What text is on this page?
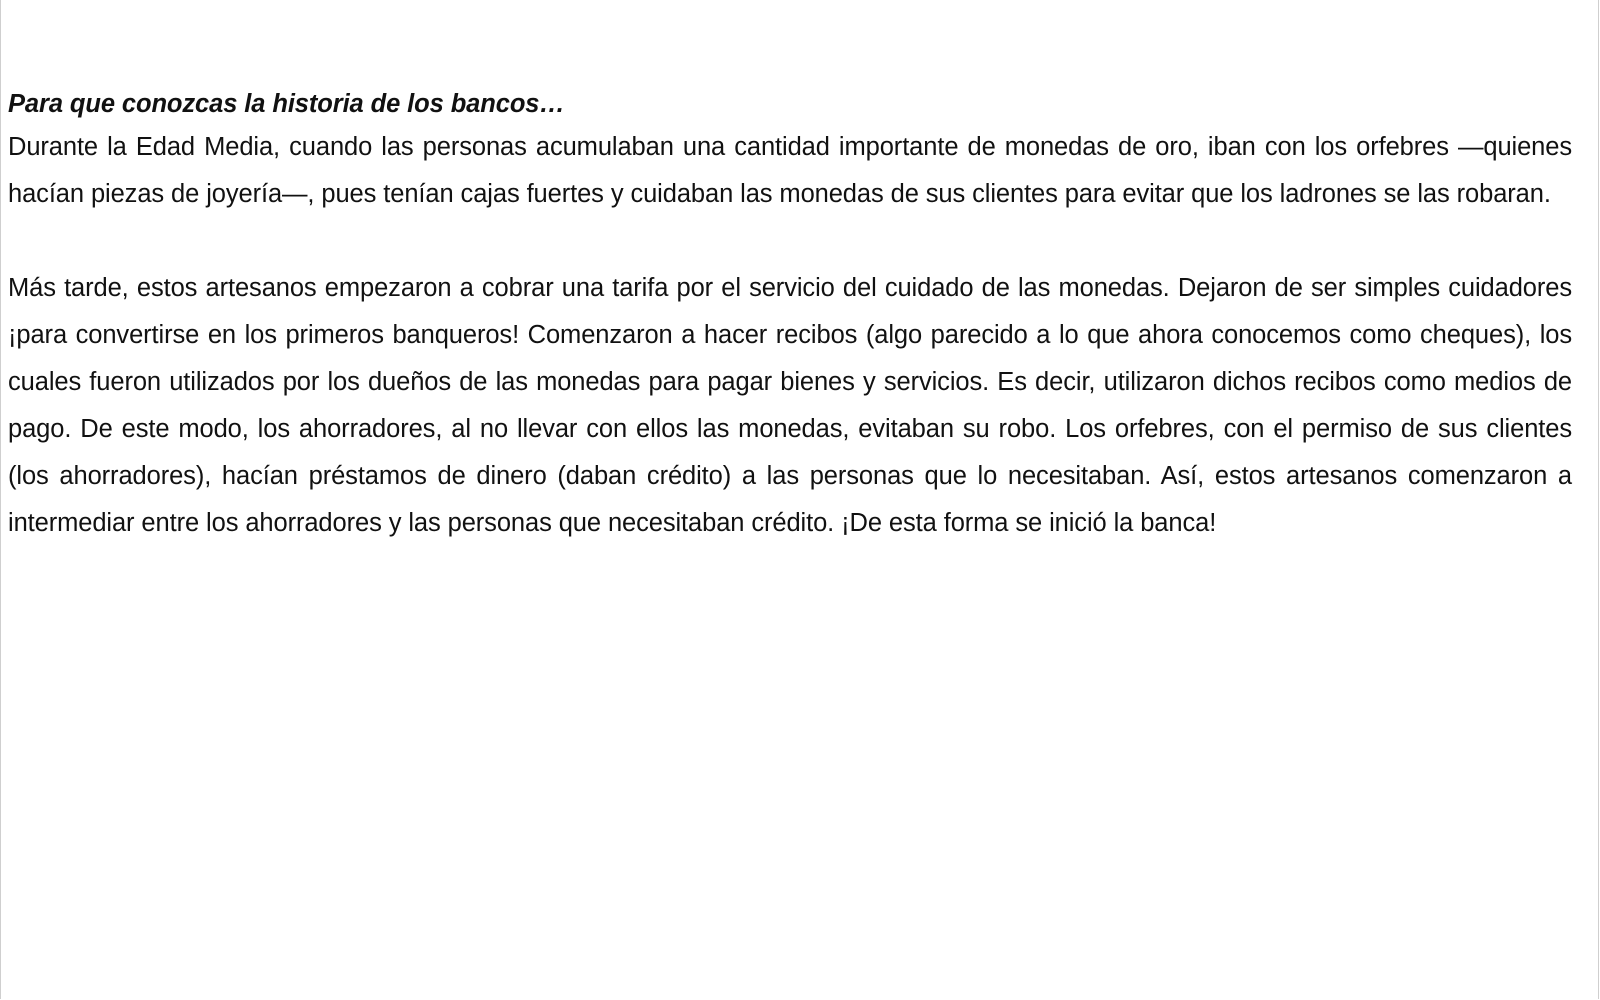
Para que conozcas la historia de los bancos…

Durante la Edad Media, cuando las personas acumulaban una cantidad importante de monedas de oro, iban con los orfebres —quienes hacían piezas de joyería—, pues tenían cajas fuertes y cuidaban las monedas de sus clientes para evitar que los ladrones se las robaran.

Más tarde, estos artesanos empezaron a cobrar una tarifa por el servicio del cuidado de las monedas. Dejaron de ser simples cuidadores ¡para convertirse en los primeros banqueros! Comenzaron a hacer recibos (algo parecido a lo que ahora conocemos como cheques), los cuales fueron utilizados por los dueños de las monedas para pagar bienes y servicios. Es decir, utilizaron dichos recibos como medios de pago. De este modo, los ahorradores, al no llevar con ellos las monedas, evitaban su robo. Los orfebres, con el permiso de sus clientes (los ahorradores), hacían préstamos de dinero (daban crédito) a las personas que lo necesitaban. Así, estos artesanos comenzaron a intermediar entre los ahorradores y las personas que necesitaban crédito. ¡De esta forma se inició la banca!
